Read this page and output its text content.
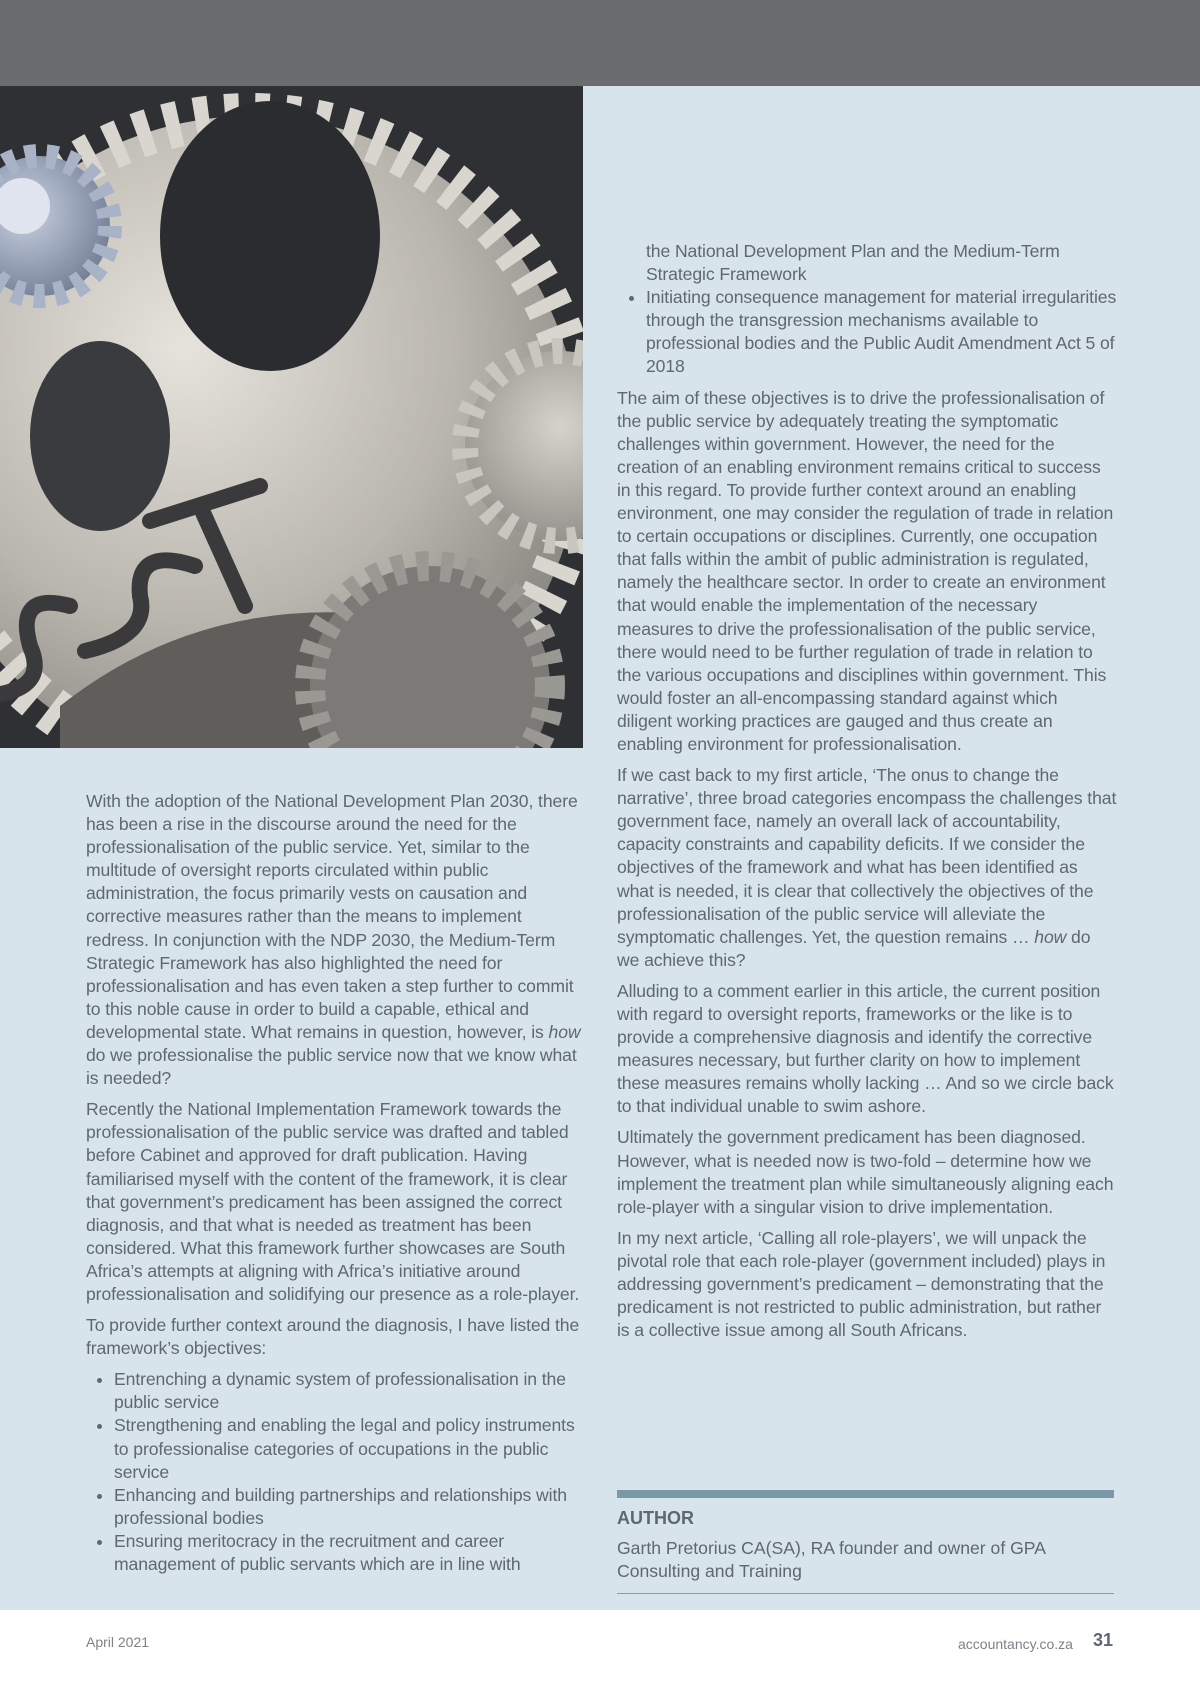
With the adoption of the National Development Plan 2030, there has been a rise in the discourse around the need for the professionalisation of the public service. Yet, similar to the multitude of oversight reports circulated within public administration, the focus primarily vests on causation and corrective measures rather than the means to implement redress. In conjunction with the NDP 2030, the Medium-Term Strategic Framework has also highlighted the need for professionalisation and has even taken a step further to commit to this noble cause in order to build a capable, ethical and developmental state. What remains in question, however, is how do we professionalise the public service now that we know what is needed?

Recently the National Implementation Framework towards the professionalisation of the public service was drafted and tabled before Cabinet and approved for draft publication. Having familiarised myself with the content of the framework, it is clear that government’s predicament has been assigned the correct diagnosis, and that what is needed as treatment has been considered. What this framework further showcases are South Africa’s attempts at aligning with Africa’s initiative around professionalisation and solidifying our presence as a role-player.

To provide further context around the diagnosis, I have listed the framework’s objectives:

• Entrenching a dynamic system of professionalisation in the public service
• Strengthening and enabling the legal and policy instruments to professionalise categories of occupations in the public service
• Enhancing and building partnerships and relationships with professional bodies
• Ensuring meritocracy in the recruitment and career management of public servants which are in line with
the National Development Plan and the Medium-Term Strategic Framework
• Initiating consequence management for material irregularities through the transgression mechanisms available to professional bodies and the Public Audit Amendment Act 5 of 2018

The aim of these objectives is to drive the professionalisation of the public service by adequately treating the symptomatic challenges within government. However, the need for the creation of an enabling environment remains critical to success in this regard. To provide further context around an enabling environment, one may consider the regulation of trade in relation to certain occupations or disciplines. Currently, one occupation that falls within the ambit of public administration is regulated, namely the healthcare sector. In order to create an environment that would enable the implementation of the necessary measures to drive the professionalisation of the public service, there would need to be further regulation of trade in relation to the various occupations and disciplines within government. This would foster an all-encompassing standard against which diligent working practices are gauged and thus create an enabling environment for professionalisation.

If we cast back to my first article, ‘The onus to change the narrative’, three broad categories encompass the challenges that government face, namely an overall lack of accountability, capacity constraints and capability deficits. If we consider the objectives of the framework and what has been identified as what is needed, it is clear that collectively the objectives of the professionalisation of the public service will alleviate the symptomatic challenges. Yet, the question remains … how do we achieve this?

Alluding to a comment earlier in this article, the current position with regard to oversight reports, frameworks or the like is to provide a comprehensive diagnosis and identify the corrective measures necessary, but further clarity on how to implement these measures remains wholly lacking … And so we circle back to that individual unable to swim ashore.

Ultimately the government predicament has been diagnosed. However, what is needed now is two-fold – determine how we implement the treatment plan while simultaneously aligning each role-player with a singular vision to drive implementation.

In my next article, ‘Calling all role-players’, we will unpack the pivotal role that each role-player (government included) plays in addressing government’s predicament – demonstrating that the predicament is not restricted to public administration, but rather is a collective issue among all South Africans.

AUTHOR
Garth Pretorius CA(SA), RA founder and owner of GPA Consulting and Training
April 2021	accountancy.co.za 31
